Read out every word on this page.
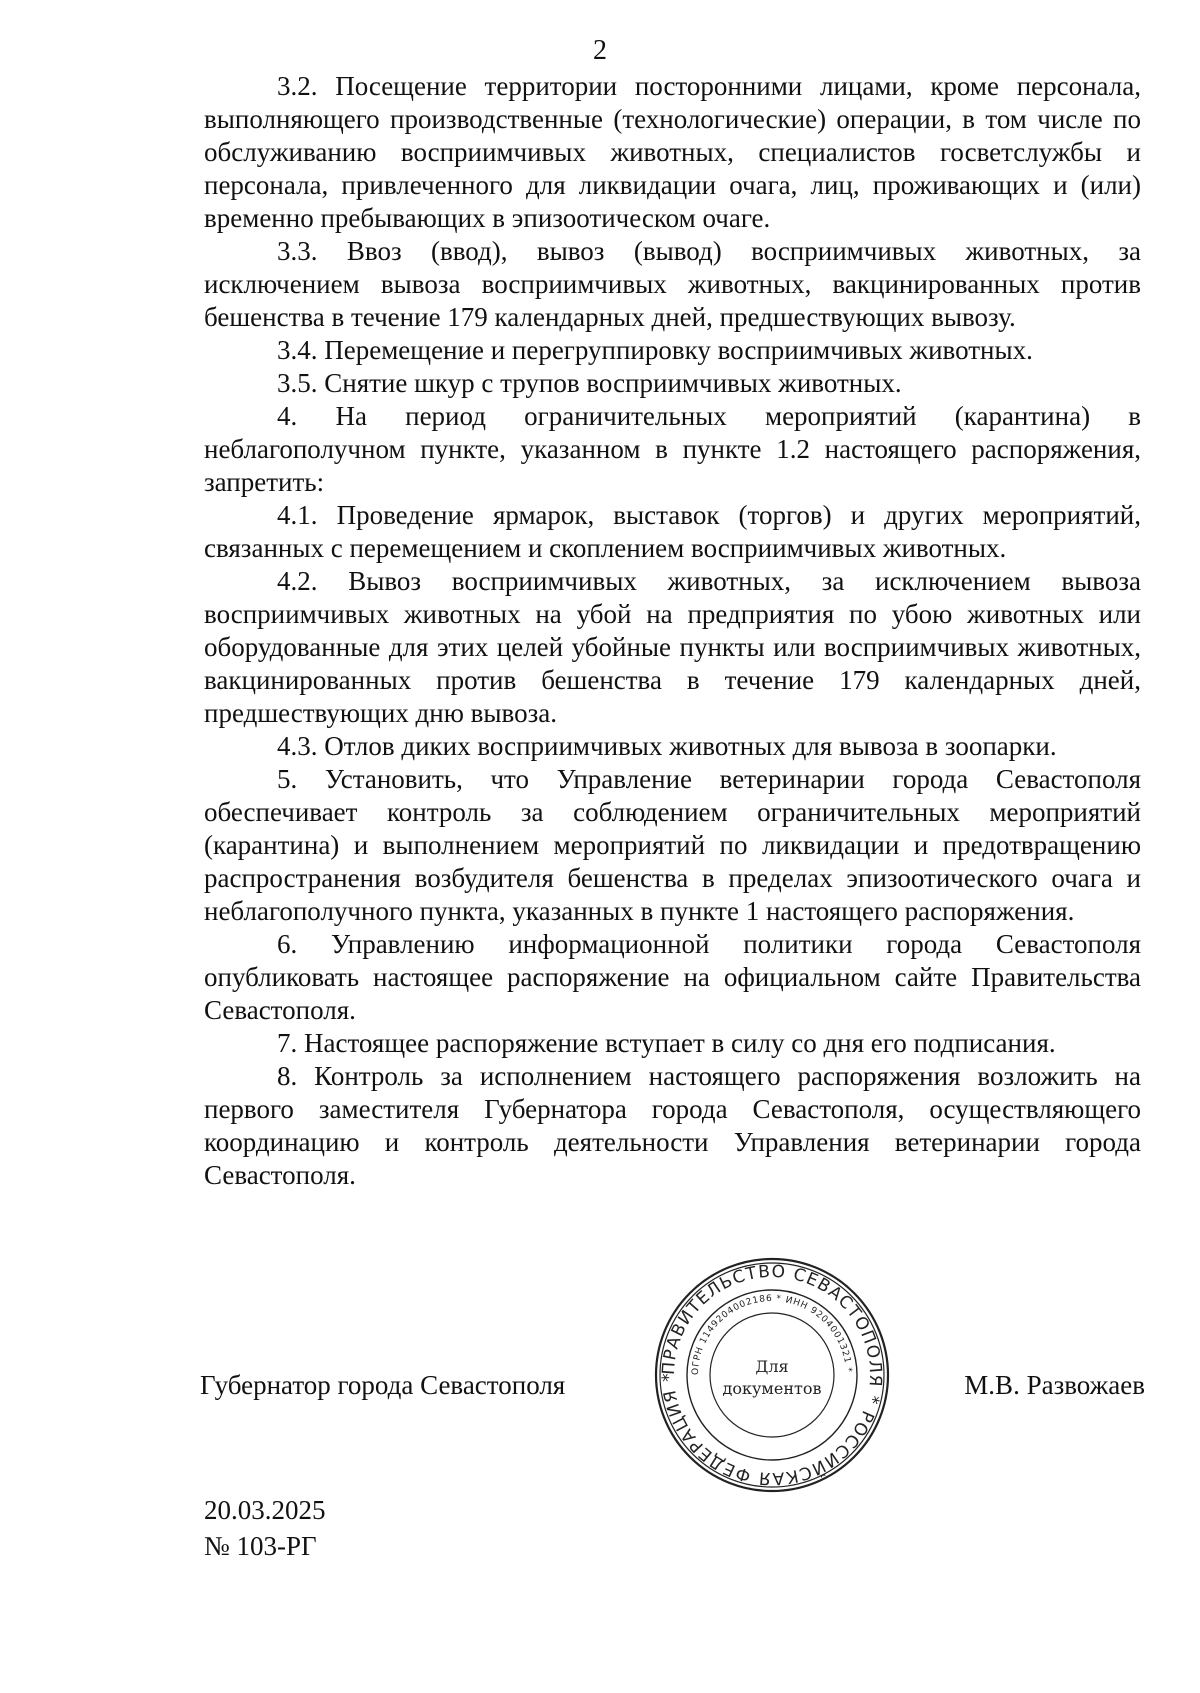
2

3.2. Посещение территории посторонними лицами, кроме персонала, выполняющего производственные (технологические) операции, в том числе по обслуживанию восприимчивых животных, специалистов госветслужбы и персонала, привлеченного для ликвидации очага, лиц, проживающих и (или) временно пребывающих в эпизоотическом очаге.

3.3. Ввоз (ввод), вывоз (вывод) восприимчивых животных, за исключением вывоза восприимчивых животных, вакцинированных против бешенства в течение 179 календарных дней, предшествующих вывозу.

3.4. Перемещение и перегруппировку восприимчивых животных.

3.5. Снятие шкур с трупов восприимчивых животных.

4. На период ограничительных мероприятий (карантина) в неблагополучном пункте, указанном в пункте 1.2 настоящего распоряжения, запретить:

4.1. Проведение ярмарок, выставок (торгов) и других мероприятий, связанных с перемещением и скоплением восприимчивых животных.

4.2. Вывоз восприимчивых животных, за исключением вывоза восприимчивых животных на убой на предприятия по убою животных или оборудованные для этих целей убойные пункты или восприимчивых животных, вакцинированных против бешенства в течение 179 календарных дней, предшествующих дню вывоза.

4.3. Отлов диких восприимчивых животных для вывоза в зоопарки.

5. Установить, что Управление ветеринарии города Севастополя обеспечивает контроль за соблюдением ограничительных мероприятий (карантина) и выполнением мероприятий по ликвидации и предотвращению распространения возбудителя бешенства в пределах эпизоотического очага и неблагополучного пункта, указанных в пункте 1 настоящего распоряжения.

6. Управлению информационной политики города Севастополя опубликовать настоящее распоряжение на официальном сайте Правительства Севастополя.

7. Настоящее распоряжение вступает в силу со дня его подписания.

8. Контроль за исполнением настоящего распоряжения возложить на первого заместителя Губернатора города Севастополя, осуществляющего координацию и контроль деятельности Управления ветеринарии города Севастополя.

Губернатор города Севастополя	М.В. Развожаев
ПРАВИТЕЛЬСТВО СЕВАСТОПОЛЯ * РОССИЙСКАЯ ФЕДЕРАЦИЯ *
ОГРН 1149204002186 * ИНН 9204001321 *
Для
документов
20.03.2025
№ 103-РГ
